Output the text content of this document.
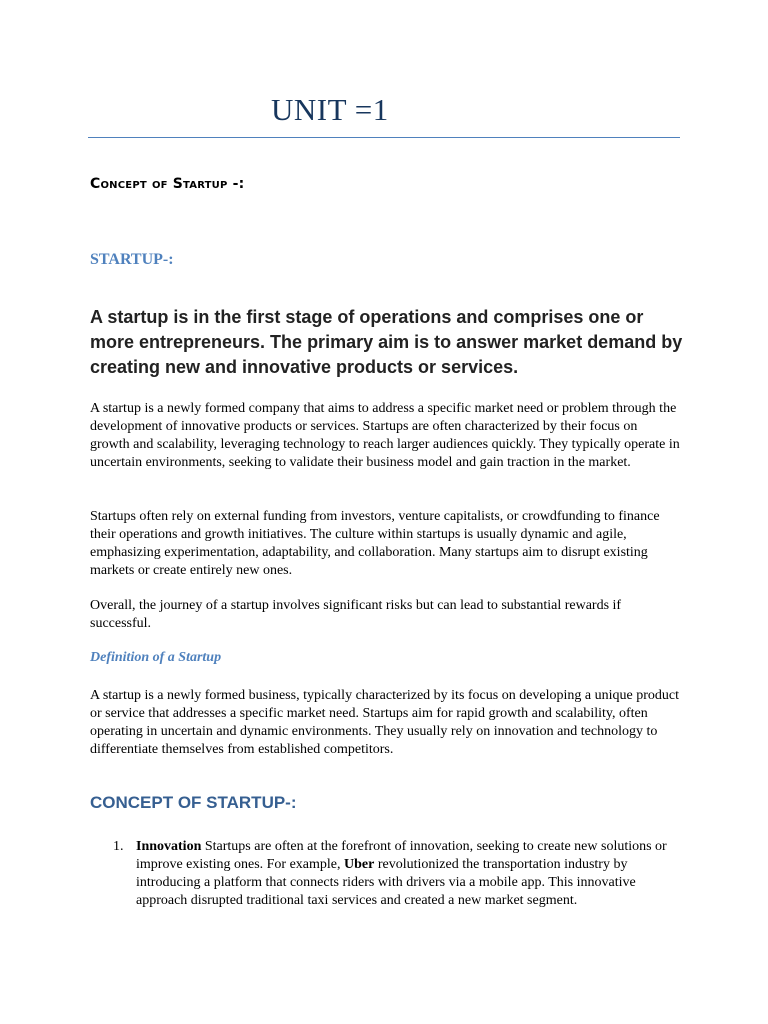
UNIT =1
Concept of Startup -:
STARTUP-:

A startup is in the first stage of operations and comprises one or more entrepreneurs. The primary aim is to answer market demand by creating new and innovative products or services.

A startup is a newly formed company that aims to address a specific market need or problem through the development of innovative products or services. Startups are often characterized by their focus on growth and scalability, leveraging technology to reach larger audiences quickly. They typically operate in uncertain environments, seeking to validate their business model and gain traction in the market.

Startups often rely on external funding from investors, venture capitalists, or crowdfunding to finance their operations and growth initiatives. The culture within startups is usually dynamic and agile, emphasizing experimentation, adaptability, and collaboration. Many startups aim to disrupt existing markets or create entirely new ones.

Overall, the journey of a startup involves significant risks but can lead to substantial rewards if successful.

Definition of a Startup

A startup is a newly formed business, typically characterized by its focus on developing a unique product or service that addresses a specific market need. Startups aim for rapid growth and scalability, often operating in uncertain and dynamic environments. They usually rely on innovation and technology to differentiate themselves from established competitors.

CONCEPT OF STARTUP-:
1. Innovation Startups are often at the forefront of innovation, seeking to create new solutions or improve existing ones. For example, Uber revolutionized the transportation industry by introducing a platform that connects riders with drivers via a mobile app. This innovative approach disrupted traditional taxi services and created a new market segment.
